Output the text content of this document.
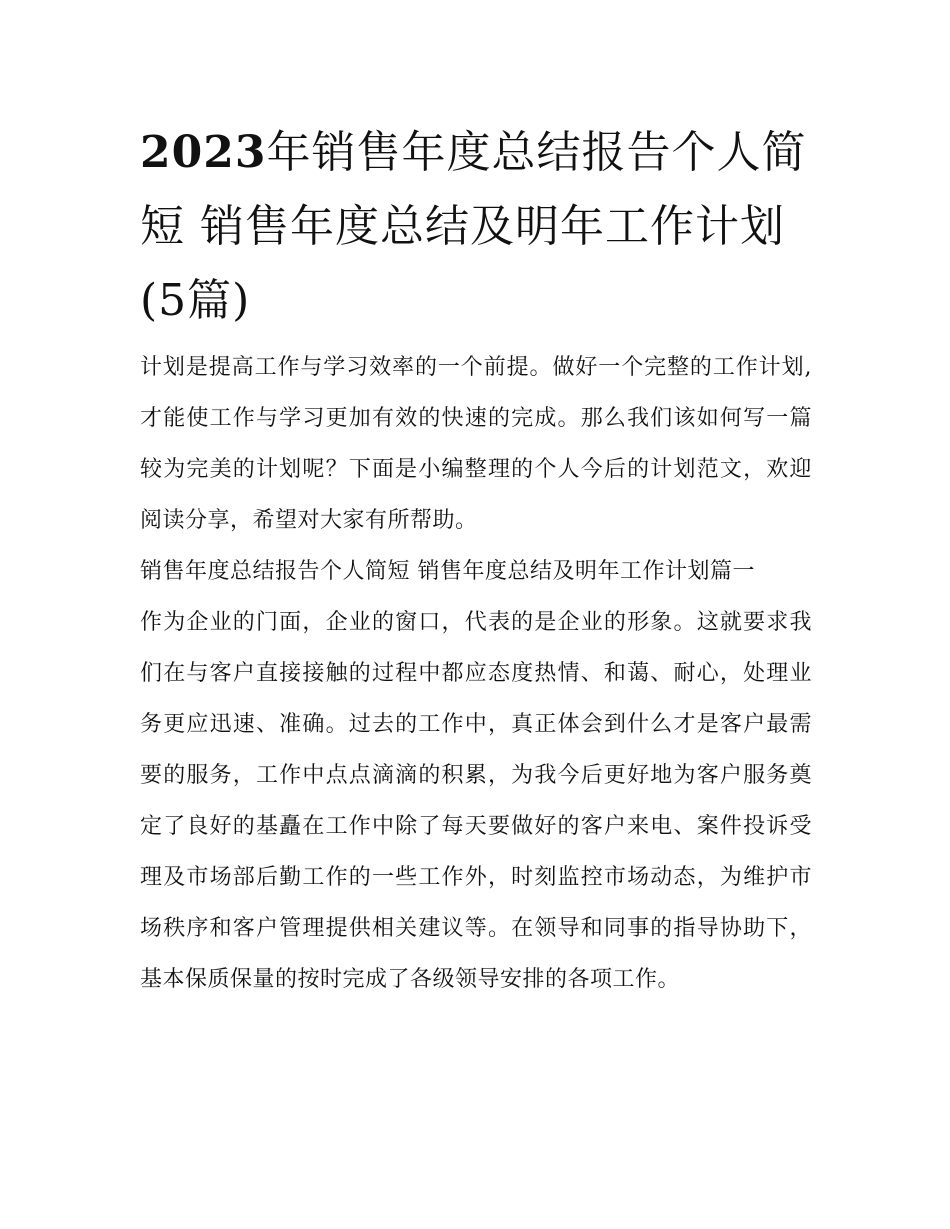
2023年销售年度总结报告个人简短 销售年度总结及明年工作计划(5篇)

计划是提高工作与学习效率的一个前提。做好一个完整的工作计划,才能使工作与学习更加有效的快速的完成。那么我们该如何写一篇较为完美的计划呢？下面是小编整理的个人今后的计划范文，欢迎阅读分享，希望对大家有所帮助。

销售年度总结报告个人简短 销售年度总结及明年工作计划篇一

作为企业的门面，企业的窗口，代表的是企业的形象。这就要求我们在与客户直接接触的过程中都应态度热情、和蔼、耐心，处理业务更应迅速、准确。过去的工作中，真正体会到什么才是客户最需要的服务，工作中点点滴滴的积累，为我今后更好地为客户服务奠定了良好的基矗在工作中除了每天要做好的客户来电、案件投诉受理及市场部后勤工作的一些工作外，时刻监控市场动态，为维护市场秩序和客户管理提供相关建议等。在领导和同事的指导协助下，基本保质保量的按时完成了各级领导安排的各项工作。
